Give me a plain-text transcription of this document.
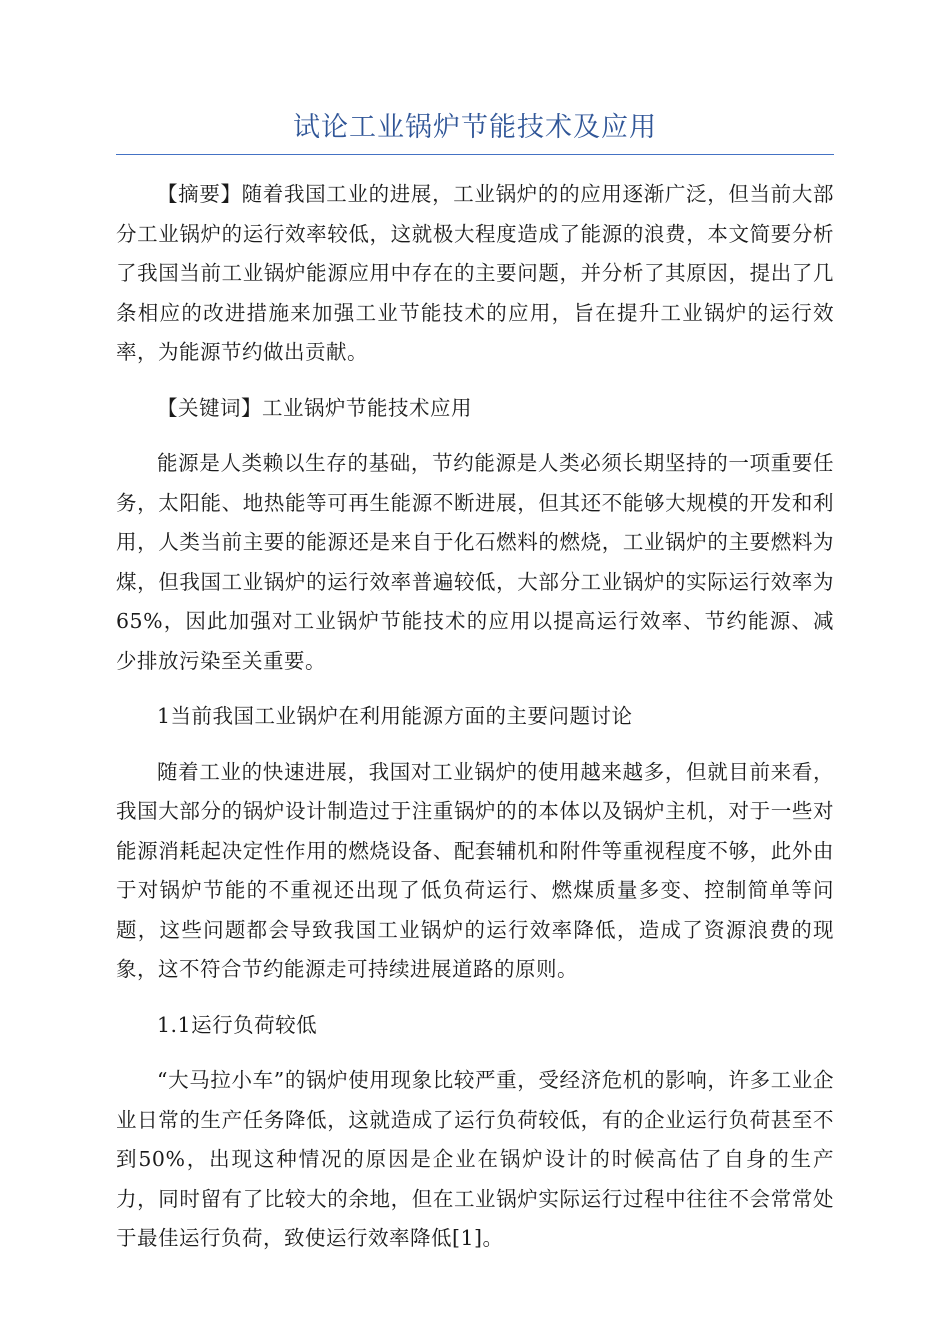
试论工业锅炉节能技术及应用

【摘要】随着我国工业的进展，工业锅炉的的应用逐渐广泛，但当前大部分工业锅炉的运行效率较低，这就极大程度造成了能源的浪费，本文简要分析了我国当前工业锅炉能源应用中存在的主要问题，并分析了其原因，提出了几条相应的改进措施来加强工业节能技术的应用，旨在提升工业锅炉的运行效率，为能源节约做出贡献。

【关键词】工业锅炉节能技术应用

能源是人类赖以生存的基础，节约能源是人类必须长期坚持的一项重要任务，太阳能、地热能等可再生能源不断进展，但其还不能够大规模的开发和利用，人类当前主要的能源还是来自于化石燃料的燃烧，工业锅炉的主要燃料为煤，但我国工业锅炉的运行效率普遍较低，大部分工业锅炉的实际运行效率为65%，因此加强对工业锅炉节能技术的应用以提高运行效率、节约能源、减少排放污染至关重要。

1当前我国工业锅炉在利用能源方面的主要问题讨论

随着工业的快速进展，我国对工业锅炉的使用越来越多，但就目前来看，我国大部分的锅炉设计制造过于注重锅炉的的本体以及锅炉主机，对于一些对能源消耗起决定性作用的燃烧设备、配套辅机和附件等重视程度不够，此外由于对锅炉节能的不重视还出现了低负荷运行、燃煤质量多变、控制简单等问题，这些问题都会导致我国工业锅炉的运行效率降低，造成了资源浪费的现象，这不符合节约能源走可持续进展道路的原则。

1.1运行负荷较低

“大马拉小车”的锅炉使用现象比较严重，受经济危机的影响，许多工业企业日常的生产任务降低，这就造成了运行负荷较低，有的企业运行负荷甚至不到50%，出现这种情况的原因是企业在锅炉设计的时候高估了自身的生产力，同时留有了比较大的余地，但在工业锅炉实际运行过程中往往不会常常处于最佳运行负荷，致使运行效率降低[1]。
